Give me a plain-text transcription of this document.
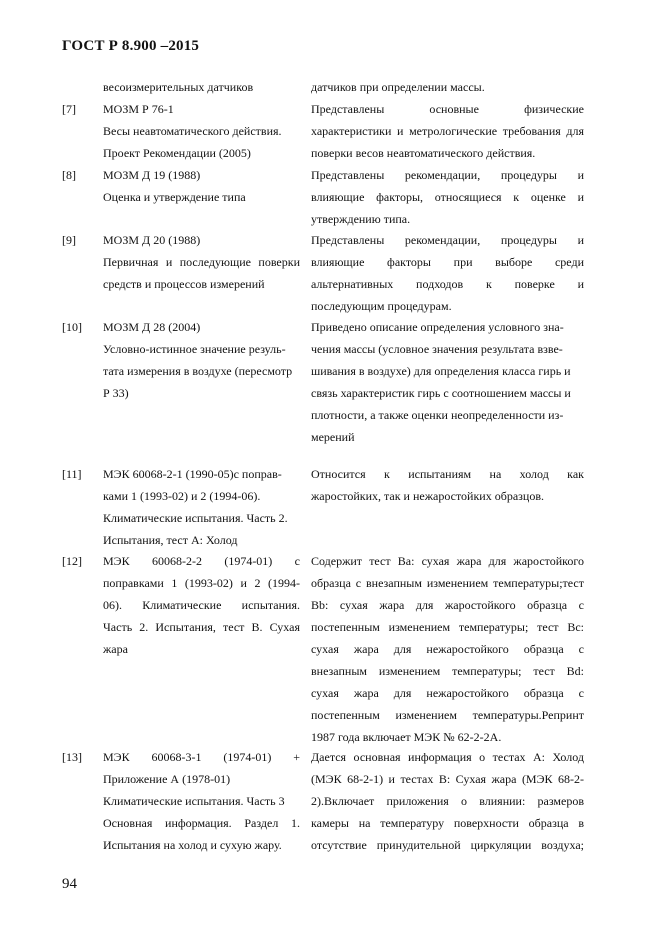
ГОСТ Р 8.900 –2015
весоизмерительных датчиков	датчиков при определении массы.
[7] МОЗМ Р 76-1
Весы неавтоматического действия.
Проект Рекомендации (2005)
Представлены основные физические
характеристики и метрологические требования для
поверки весов неавтоматического действия.
[8] МОЗМ Д 19 (1988)
Оценка и утверждение типа
Представлены рекомендации, процедуры и
влияющие факторы, относящиеся к оценке и
утверждению типа.
[9] МОЗМ Д 20 (1988)
Первичная и последующие поверки
средств и процессов измерений
Представлены рекомендации, процедуры и
влияющие факторы при выборе среди
альтернативных подходов к поверке и
последующим процедурам.
[10] МОЗМ Д 28 (2004)
Условно-истинное значение резуль-
тата измерения в воздухе (пересмотр
Р 33)
Приведено описание определения условного зна-
чения массы (условное значения результата взве-
шивания в воздухе) для определения класса гирь и
связь характеристик гирь с соотношением массы и
плотности, а также оценки неопределенности из-
мерений
[11] МЭК 60068-2-1 (1990-05)с поправ-
ками 1 (1993-02) и 2 (1994-06).
Климатические испытания. Часть 2.
Испытания, тест А: Холод
Относится к испытаниям на холод как
жаростойких, так и нежаростойких образцов.
[12] МЭК 60068-2-2 (1974-01) с
поправками 1 (1993-02) и 2 (1994-
06). Климатические испытания.
Часть 2. Испытания, тест В. Сухая
жара
Содержит тест Ва: сухая жара для жаростойкого
образца с внезапным изменением температуры;тест
Bb: сухая жара для жаростойкого образца с
постепенным изменением температуры; тест Bc:
сухая жара для нежаростойкого образца с
внезапным изменением температуры; тест Bd:
сухая жара для нежаростойкого образца с
постепенным изменением температуры.Репринт
1987 года включает МЭК № 62-2-2А.
[13] МЭК 60068-3-1 (1974-01) +
Приложение А (1978-01)
Климатические испытания. Часть 3
Основная информация. Раздел 1.
Испытания на холод и сухую жару.
Дается основная информация о тестах А: Холод
(МЭК 68-2-1) и тестах В: Сухая жара (МЭК 68-2-
2).Включает приложения о влиянии: размеров
камеры на температуру поверхности образца в
отсутствие принудительной циркуляции воздуха;
94
